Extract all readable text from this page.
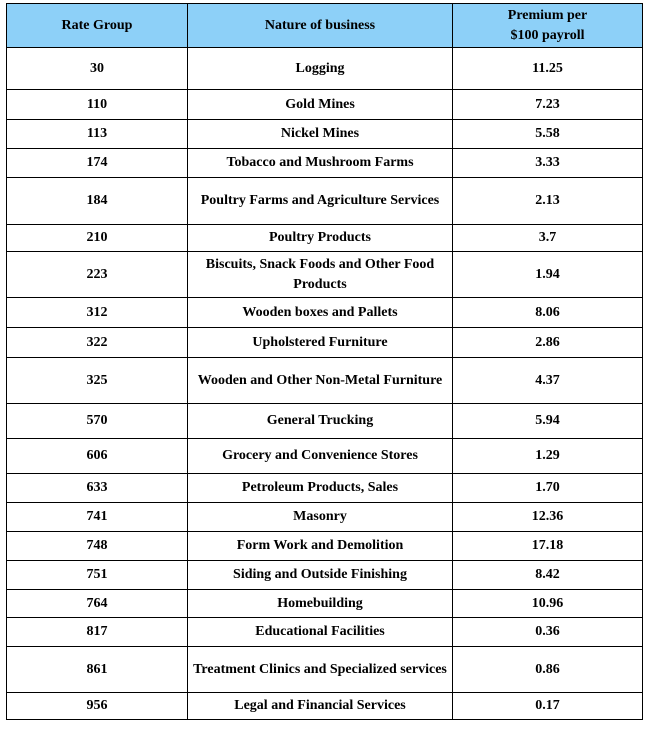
Rate Group	Nature of business	Premium per
$100 payroll

30	Logging	11.25
110	Gold Mines	7.23
113	Nickel Mines	5.58
174	Tobacco and Mushroom Farms	3.33
184	Poultry Farms and Agriculture Services	2.13
210	Poultry Products	3.7
223	Biscuits, Snack Foods and Other Food Products	1.94
312	Wooden boxes and Pallets	8.06
322	Upholstered Furniture	2.86
325	Wooden and Other Non-Metal Furniture	4.37
570	General Trucking	5.94
606	Grocery and Convenience Stores	1.29
633	Petroleum Products, Sales	1.70
741	Masonry	12.36
748	Form Work and Demolition	17.18
751	Siding and Outside Finishing	8.42
764	Homebuilding	10.96
817	Educational Facilities	0.36
861	Treatment Clinics and Specialized services	0.86
956	Legal and Financial Services	0.17
